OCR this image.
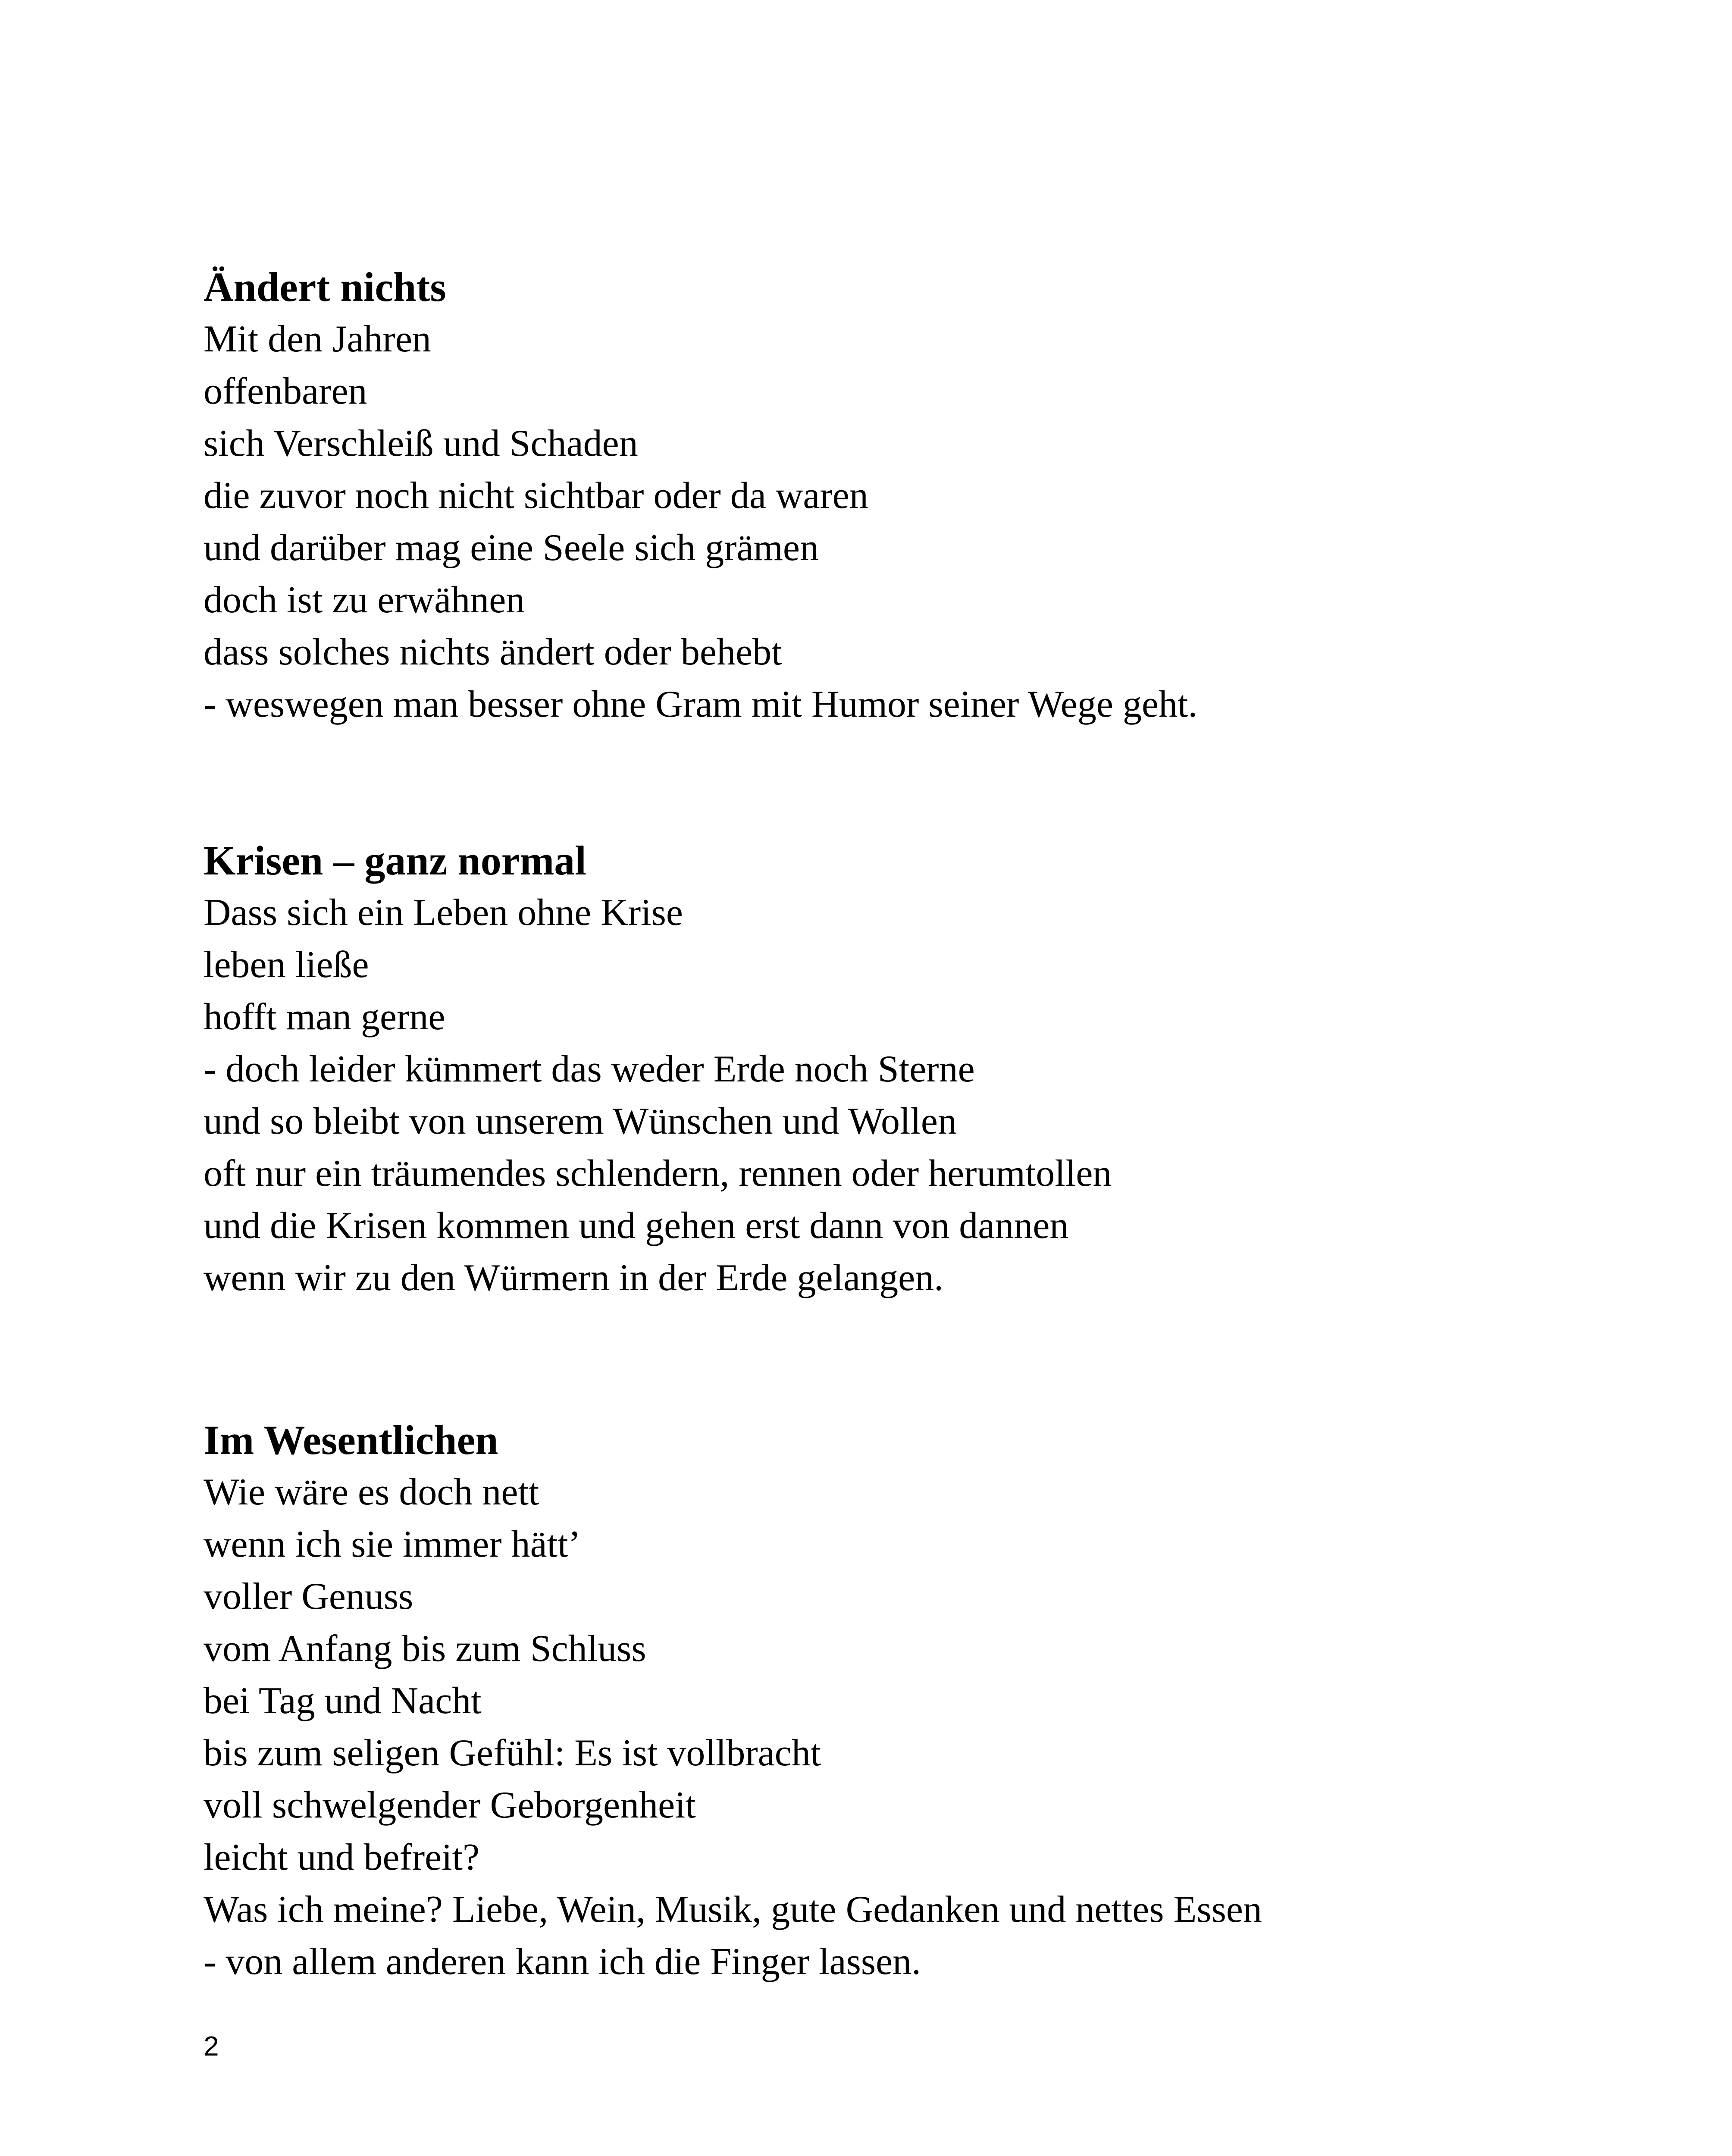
Ändert nichts
Mit den Jahren
offenbaren
sich Verschleiß und Schaden
die zuvor noch nicht sichtbar oder da waren
und darüber mag eine Seele sich grämen
doch ist zu erwähnen
dass solches nichts ändert oder behebt
- weswegen man besser ohne Gram mit Humor seiner Wege geht.
Krisen – ganz normal
Dass sich ein Leben ohne Krise
leben ließe
hofft man gerne
- doch leider kümmert das weder Erde noch Sterne
und so bleibt von unserem Wünschen und Wollen
oft nur ein träumendes schlendern, rennen oder herumtollen
und die Krisen kommen und gehen erst dann von dannen
wenn wir zu den Würmern in der Erde gelangen.
Im Wesentlichen
Wie wäre es doch nett
wenn ich sie immer hätt’
voller Genuss
vom Anfang bis zum Schluss
bei Tag und Nacht
bis zum seligen Gefühl: Es ist vollbracht
voll schwelgender Geborgenheit
leicht und befreit?
Was ich meine? Liebe, Wein, Musik, gute Gedanken und nettes Essen
- von allem anderen kann ich die Finger lassen.
2
